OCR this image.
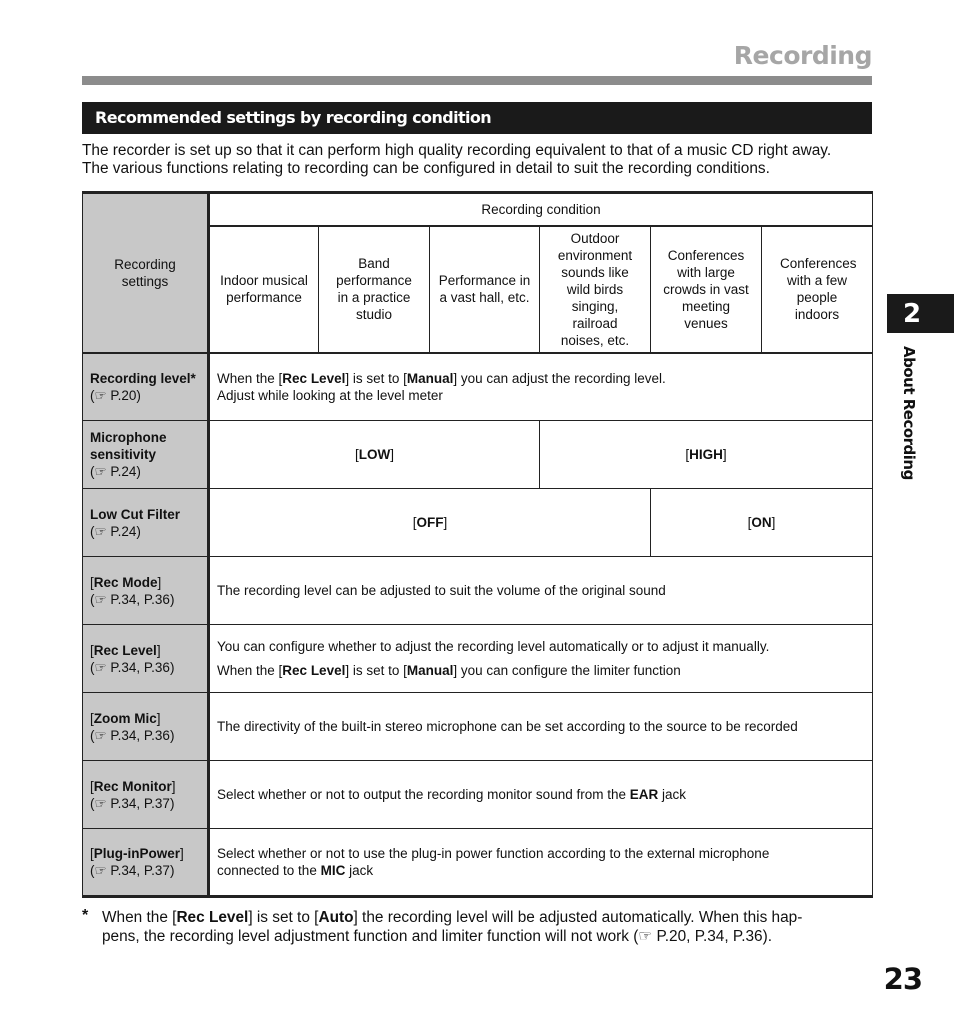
Recording
Recommended settings by recording condition

The recorder is set up so that it can perform high quality recording equivalent to that of a music CD right away.
The various functions relating to recording can be configured in detail to suit the recording conditions.

Recording settings	Recording condition					

	Indoor musical performance	Band performance in a practice studio	Performance in a vast hall, etc.	Outdoor environment sounds like wild birds singing, railroad noises, etc.	Conferences with large crowds in vast meeting venues	Conferences with a few people indoors

Recording level*
(☞ P.20)	When the [Rec Level] is set to [Manual] you can adjust the recording level.
Adjust while looking at the level meter					

Microphone sensitivity
(☞ P.24)	[LOW]			[HIGH]		
Low Cut Filter
(☞ P.24)	[OFF]				[ON]	
[Rec Mode]
(☞ P.34, P.36)	The recording level can be adjusted to suit the volume of the original sound					
[Rec Level]
(☞ P.34, P.36)	You can configure whether to adjust the recording level automatically or to adjust it manually.
When the [Rec Level] is set to [Manual] you can configure the limiter function					
[Zoom Mic]
(☞ P.34, P.36)	The directivity of the built-in stereo microphone can be set according to the source to be recorded					
[Rec Monitor]
(☞ P.34, P.37)	Select whether or not to output the recording monitor sound from the EAR jack					
[Plug-inPower]
(☞ P.34, P.37)	Select whether or not to use the plug-in power function according to the external microphone
connected to the MIC jack					
* When the [Rec Level] is set to [Auto] the recording level will be adjusted automatically. When this hap-
pens, the recording level adjustment function and limiter function will not work (☞ P.20, P.34, P.36).
2
About Recording
23
